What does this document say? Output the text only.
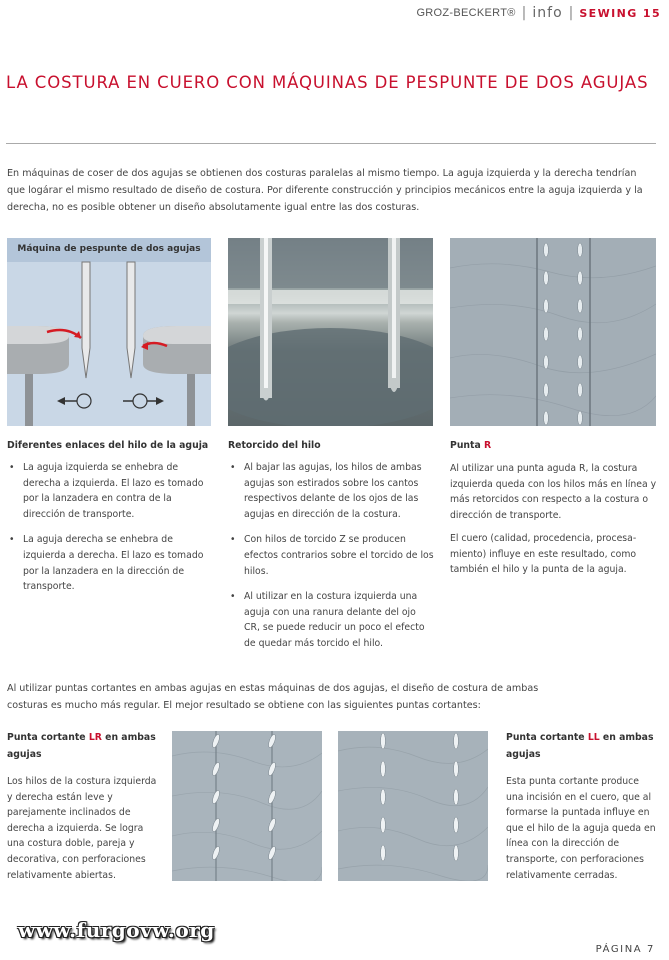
GROZ-BECKERT® | info | SEWING 15
LA COSTURA EN CUERO CON MÁQUINAS DE PESPUNTE DE DOS AGUJAS
En máquinas de coser de dos agujas se obtienen dos costuras paralelas al mismo tiempo. La aguja izquierda y la derecha tendrían que logárar el mismo resultado de diseño de costura. Por diferente construcción y principios mecánicos entre la aguja izquierda y la derecha, no es posible obtener un diseño absolutamente igual entre las dos costuras.
Máquina de pespunte de dos agujas
Diferentes enlaces del hilo de la aguja
• La aguja izquierda se enhebra de derecha a izquierda. El lazo es tomado por la lanzadera en contra de la dirección de transporte.
• La aguja derecha se enhebra de izquierda a derecha. El lazo es tomado por la lanzadera en la dirección de transporte.
Retorcido del hilo
• Al bajar las agujas, los hilos de ambas agujas son estirados sobre los cantos respectivos delante de los ojos de las agujas en dirección de la costura.
• Con hilos de torcido Z se producen efectos contrarios sobre el torcido de los hilos.
• Al utilizar en la costura izquierda una aguja con una ranura delante del ojo CR, se puede reducir un poco el efecto de quedar más torcido el hilo.
Punta R
Al utilizar una punta aguda R, la costura izquierda queda con los hilos más en línea y más retorcidos con respecto a la costura o dirección de transporte.
El cuero (calidad, procedencia, procesa-miento) influye en este resultado, como también el hilo y la punta de la aguja.
Al utilizar puntas cortantes en ambas agujas en estas máquinas de dos agujas, el diseño de costura de ambas costuras es mucho más regular. El mejor resultado se obtiene con las siguientes puntas cortantes:
Punta cortante LR en ambas agujas
Los hilos de la costura izquierda y derecha están leve y parejamente inclinados de derecha a izquierda. Se logra una costura doble, pareja y decorativa, con perforaciones relativamente abiertas.
Punta cortante LL en ambas agujas
Esta punta cortante produce una incisión en el cuero, que al formarse la puntada influye en que el hilo de la aguja queda en línea con la dirección de transporte, con perforaciones relativamente cerradas.
www.furgovw.org
PÁGINA 7
